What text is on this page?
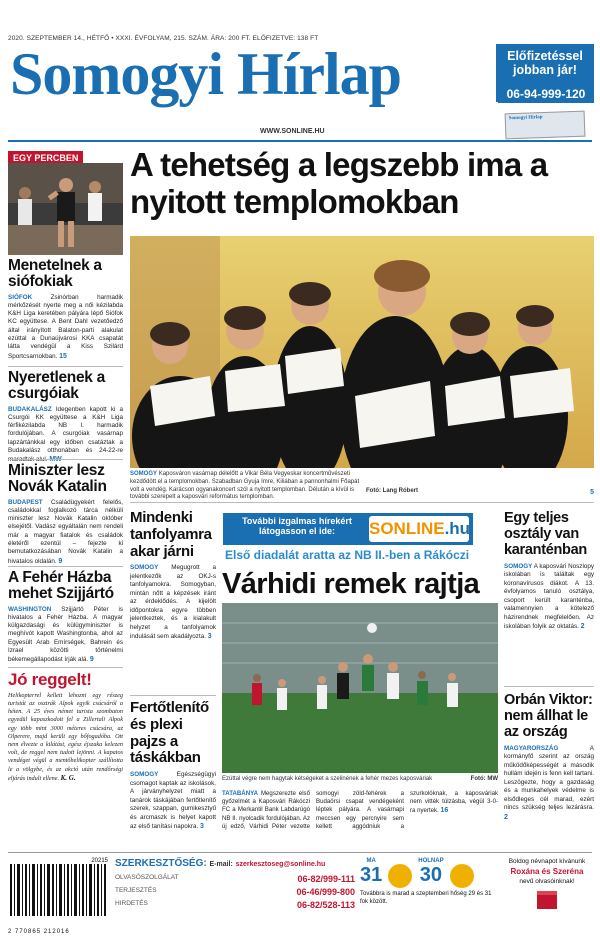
2020. SZEPTEMBER 14., HÉTFŐ • XXXI. ÉVFOLYAM, 215. SZÁM. ÁRA: 200 FT. ELŐFIZETVE: 138 FT
Somogyi Hírlap
WWW.SONLINE.HU
Előfizetéssel
jobban jár!
06-94-999-120
Somogyi Hírlap
EGY PERCBEN
Menetelnek a siófokiak
SIÓFOK	Zsinórban harmadik mérkőzését nyerte meg a női kézilabda K&H Liga keretében pályára lépő Siófok KC együttese. A Bent Dahl vezetőedző által irányított Balaton-parti alakulat ezúttal a Dunaújvárosi KKA csapatát látta vendégül a Kiss Szilárd Sportcsarnokban. 15
Nyeretlenek a csurgóiak
BUDAKALÁSZ Idegenben kapott ki a Csurgói KK együttese a K&H Liga férfikézilabda NB I. harmadik fordulójában. A csurgóiak vasárnap lapzártánkkal egy időben csatáztak a Budakalász otthonában és 24-22-re
Miniszter lesz Novák Katalin
BUDAPEST Családügyekért felelős, családokkal foglalkozó tárca nélküli miniszter lesz Novák Katalin október elsejétől. Vadász egyáltalán nem rendeli már a magyar fiatalok és családok életéről ezentúl – fejezte ki bemutatkozásában Novák Katalin a hivatalos oldalán. 9
A Fehér Házba mehet Szijjártó
WASHINGTON Szijjártó Péter is hivatalos a Fehér Házba. A magyar külgazdasági és külügyminiszter is meghívót kapott Washingtonba, ahol az Egyesült Arab Emírségek, Bahrein és Izrael közötti történelmi békemegállapodást írják alá. 9
Jó reggelt!
Helikopterrel kellett lehozni egy részeg turistát az osztrák Alpok egyik csúcsáról a héten. A 25 éves német turista szombaton egyedül kapaszkodott fel a Zillertali Alpok egy több mint 3000 méteres csúcsára, az Olperere, majd került egy bőfogadóba. Ott nem élvezte a kilátást, egész éjszaka kelezen volt, de reggel nem tudott lejönni. A kapatos vendéget végül a mentőhelikopter szállította le a völgybe, és az akció után rendőrségi eljárás indult ellene. K. G.
A tehetség a legszebb ima a nyitott templomokban
SOMOGY Kaposváron vasárnap délelőtt a Vikár Béla Vegyeskar koncertművészeti kezdődött el a templomokban. Szabadban Gyuja Imre, Kiliában a pannonhalmi Főapát volt a vendég. Karácson ogyanakoncert szól a nyitott templomban. Délután a kívül is további szerepelt a kaposvári református templomban.
Fotó: Lang Róbert	5
Mindenki tanfolyamra akar járni
SOMOGY Megugrott a jelentkezők az OKJ-s tanfolyamokra. Somogyban, mintán nőtt a képzések iránt az érdeklődés. A kijelölt időpontokra egyre többen jelentkeztek, és a kialakult helyzet a tanfolyamok indulását sem akadályozta. 3
Fertőtlenítő és plexi pajzs a táskákban
SOMOGY	Egészségügyi csomagot kaptak az iskolások. A járványhelyzet miatt a tanárok táskájában fertőtlenítő szerek, szappan, gumikesztyű és arcmaszk is helyet kapott az első tanítási napokra. 3
További izgalmas hírekért látogasson el ide:	SONLINE.hu
Első diadalát aratta az NB II.-ben a Rákóczi
Várhidi remek rajtja
Ezúttal végre nem hagytak kétségeket a szelinének a fehér mezes kaposváriak	Fotó: MW
TATABÁNYA Megszerezte első győzelmét a Kaposvári Rákóczi FC a Merkantil Bank Labdarúgó NB II. nyolcadik fordulójában. Az új edző, Várhidi Péter vezette somogyi zöld-fehérek a Budaörsi csapat vendégeként léptek pályára. A vasárnapi meccsen egy percnyire sem kellett aggódniuk a szurkolóknak, a kaposváriak nem vitték túlzásba, végül 3-0-ra nyertek. 16
Egy teljes osztály van karanténban
SOMOGY A kaposvári Noszlopy iskolában is találtak egy koronavírusos diákot. A 13. évfolyamos tanuló osztálya, csoport került karanténba, valamennyien a kötelező házirendnek megfelelően. Az iskolában folyik az oktatás. 2
Orbán Viktor: nem állhat le az ország
MAGYARORSZÁG	A kormányfő szerint az ország működőképességét a második hullám idején is fenn kell tartani. Leszögezte, hogy a gazdaság és a munkahelyek védelme is elsődleges cél marad, ezért nincs szükség teljes lezárásra. 2
20215
2 770865 212016
SZERKESZTŐSÉG: E-mail: szerkesztoseg@sonline.hu
OLVASÓSZOLGÁLAT	06-82/999-111
TERJESZTÉS	06-46/999-800
HIRDETÉS	06-82/528-113
MA
31
HOLNAP
30
Továbbra is marad a szeptemberi hőség 29 és 31 fok között.
Boldog névnapot kívánunk
Roxána és Szeréna
nevű olvasóinknak!
